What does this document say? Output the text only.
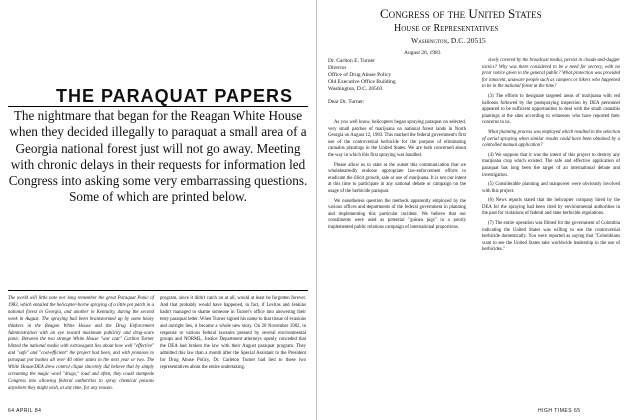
THE PARAQUAT PAPERS
The nightmare that began for the Reagan White House when they decided illegally to paraquat a small area of a Georgia national forest just will not go away. Meeting with chronic delays in their requests for information led Congress into asking some very embarrassing questions. Some of which are printed below.
The world will little note nor long remember the great Paraquat Panic of 1983, which entailed the helicopter-borne spraying of a little pot patch in a national forest in Georgia, and another in Kentucky, during the second week in August. The spraying had been brainstormed up by some heavy thinkers in the Reagan White House and the Drug Enforcement Administration with an eye toward maximum publicity and drug-scare panic. Between the two strange White House "war czar" Carlton Turner blitzed the national media with extravagant lies about how well "effective" and "safe" and "cost-efficient" the project had been, and with promises to paraquat pot bushes all over 40 other states in the next year or two. The White House/DEA drew control clique sincerely did believe that by simply screaming the magic word "drugs," loud and often, they could stampede Congress into allowing federal authorities to spray chemical poisons anywhere they might wish, at any time, for any reason.
program, since it didn't catch on at all, would at least be forgotten forever. And that probably would have happened, in fact, if Levitas and Jenkins hadn't managed to shame someone in Turner's office into answering their testy paraquat letter. When Turner signed his name to that tissue of evasions and outright lies, it became a whole new story. On 20 November 1982, in response to various federal lawsuits pressed by several environmental groups and NORML, Justice Department attorneys openly conceded that the DEA had broken the law with their August paraquat program. They admitted this law than a month after the Special Assistant to the President for Drug Abuse Policy, Dr. Carleton Turner had lied to these two representatives about the entire undertaking.
64 APRIL 84
Congress of the United States
House of Representatives
Washington, D.C. 20515
August 26, 1983
Dr. Carlton E. Turner
Director
Office of Drug Abuse Policy
Old Executive Office Building
Washington, D.C. 20503
Dear Dr. Turner:

As you well know, helicopters began spraying paraquat on selected, very small patches of marijuana on national forest lands in North Georgia on August 12, 1983. This marked the federal government's first use of the controversial herbicide for the purpose of eliminating cannabis plantings in the United States. We are both concerned about the way in which this first spraying was handled.

Please allow us to state at the outset this communication that we wholeheartedly endorse appropriate law-enforcement efforts to eradicate the illicit growth, sale or use of marijuana. It is not our intent at this time to participate in any national debate or campaign on the usage of the herbicide paraquat.

We nonetheless question the methods apparently employed by the various offices and departments of the federal government in planning and implementing this particular incident. We believe that our constituents were used as potential "guinea pigs" in a poorly implemented public relations campaign of international proportions.

sively covered by the broadcast media, persist in clouds-and-dagger tactics? Why was there considered to be a need for secrecy, with no prior notice given to the general public? What protection was provided for innocent, unaware people such as campers or hikers who happened to be in the national forest at the time?

(3) The efforts to designate targeted areas of marijuana with red balloons followed by the postspraying inspection by DEA personnel appeared to be sufficient opportunities to deal with the small cannabis plantings at the sites according to witnesses who have reported their concerns to us.

What planning process was employed which resulted in the selection of aerial spraying when similar results could have been obtained by a controlled manual application?

(4) We suppose that it was the intent of this project to destroy any marijuana crop which existed. The safe and effective application of paraquat has long been the target of an international debate and investigation.

(5) Considerable planning and manpower were obviously involved with this project.

(6) News reports stated that the helicopter company hired by the DEA for the spraying had been cited by environmental authorities in the past for violations of federal and state herbicide regulations.

(7) The entire operation was filmed for the government of Colombia indicating the United States was willing to use the controversial herbicide domestically. You were reported as saying that "Colombians want to see the United States take worldwide leadership in the use of herbicides."

HIGH TIMES 65
